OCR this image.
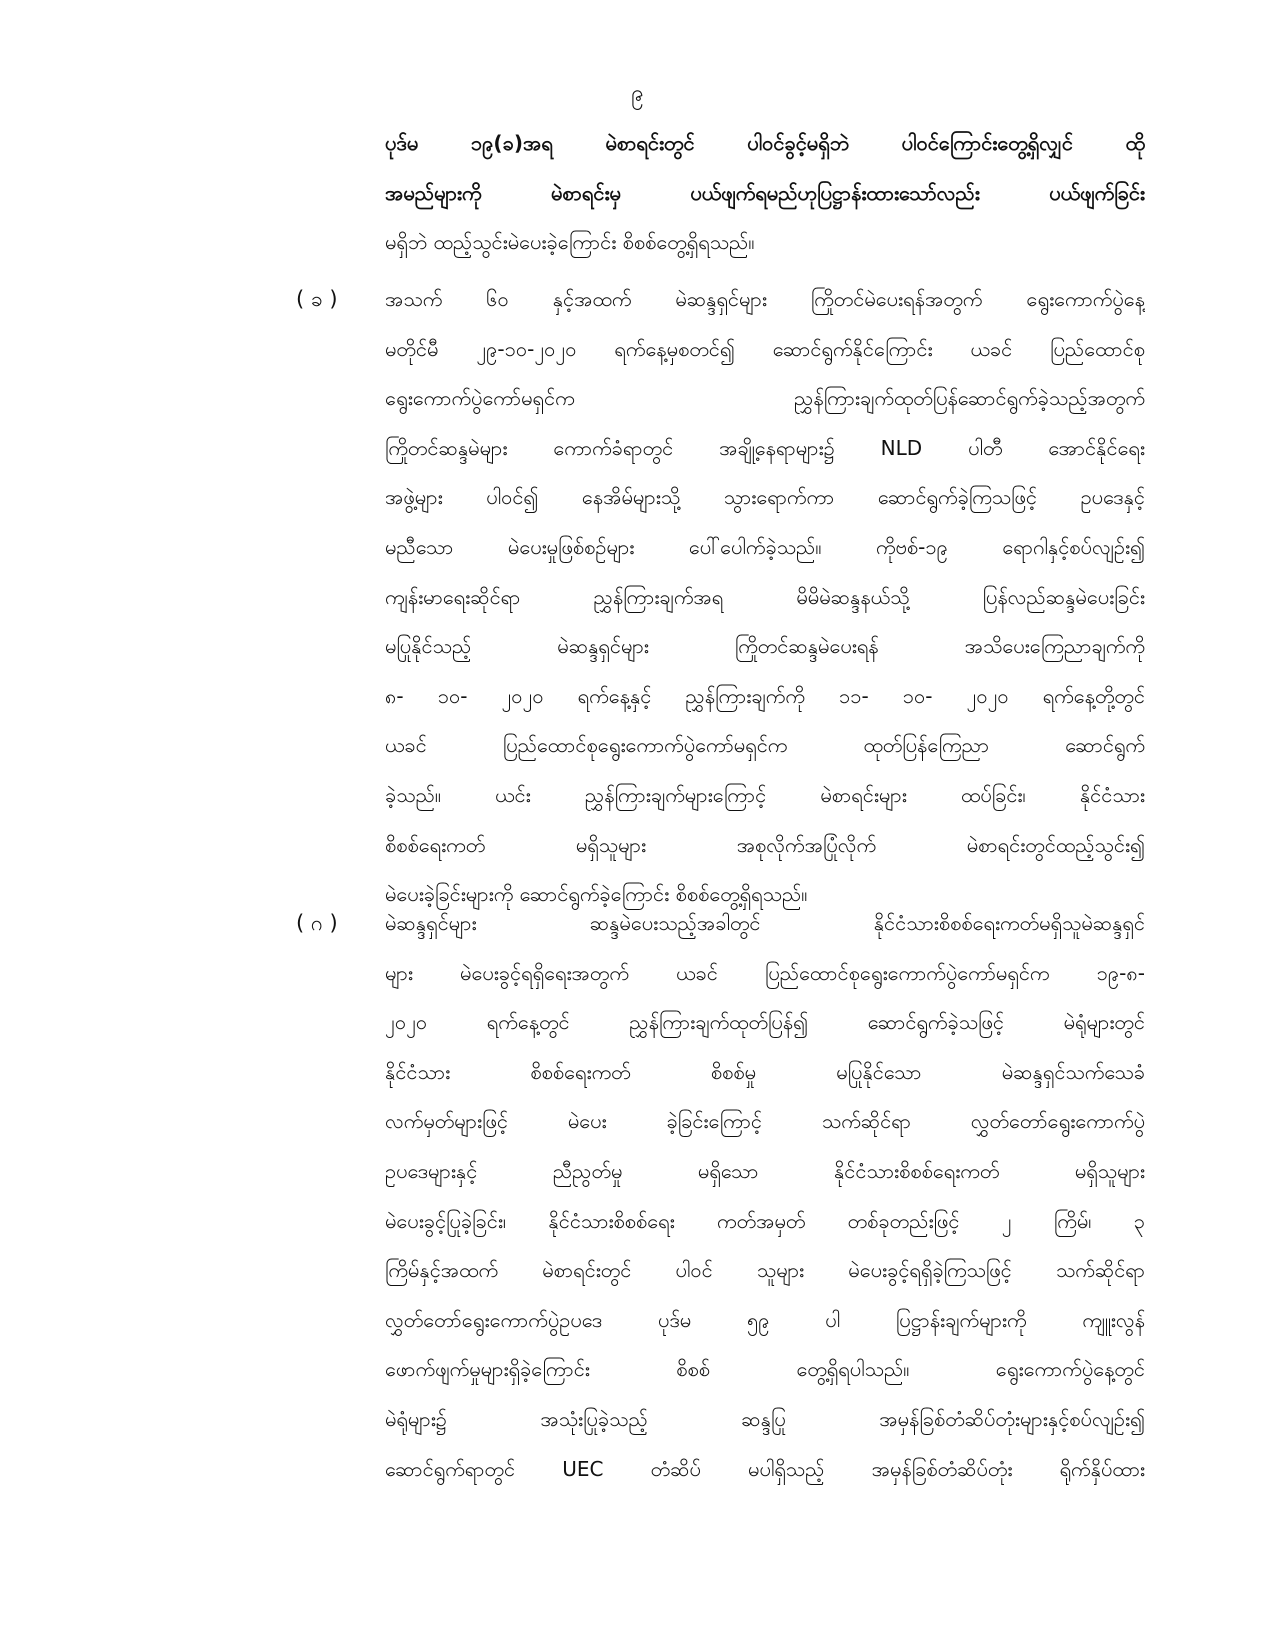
၉
ပုဒ်မ ၁၉(ခ)အရ မဲစာရင်းတွင် ပါဝင်ခွင့်မရှိဘဲ ပါဝင်ကြောင်းတွေ့ရှိလျှင် ထို
အမည်များကို မဲစာရင်းမှ ပယ်ဖျက်ရမည်ဟုပြဋ္ဌာန်းထားသော်လည်း ပယ်ဖျက်ခြင်း
မရှိဘဲ ထည့်သွင်းမဲပေးခဲ့ကြောင်း စိစစ်တွေ့ရှိရသည်။
( ခ ) အသက် ၆၀ နှင့်အထက် မဲဆန္ဒရှင်များ ကြိုတင်မဲပေးရန်အတွက် ရွေးကောက်ပွဲနေ့
မတိုင်မီ ၂၉-၁၀-၂၀၂၀ ရက်နေ့မှစတင်၍ ဆောင်ရွက်နိုင်ကြောင်း ယခင် ပြည်ထောင်စု
ရွေးကောက်ပွဲကော်မရှင်က ညွှန်ကြားချက်ထုတ်ပြန်ဆောင်ရွက်ခဲ့သည့်အတွက်
ကြိုတင်ဆန္ဒမဲများ ကောက်ခံရာတွင် အချို့နေရာများ၌ NLD ပါတီ အောင်နိုင်ရေး
အဖွဲ့များ ပါဝင်၍ နေအိမ်များသို့ သွားရောက်ကာ ဆောင်ရွက်ခဲ့ကြသဖြင့် ဥပဒေနှင့်
မညီသော မဲပေးမှုဖြစ်စဉ်များ ပေါ်ပေါက်ခဲ့သည်။ ကိုဗစ်-၁၉ ရောဂါနှင့်စပ်လျဉ်း၍
ကျန်းမာရေးဆိုင်ရာ ညွှန်ကြားချက်အရ မိမိမဲဆန္ဒနယ်သို့ ပြန်လည်ဆန္ဒမဲပေးခြင်း
မပြုနိုင်သည့် မဲဆန္ဒရှင်များ ကြိုတင်ဆန္ဒမဲပေးရန် အသိပေးကြေညာချက်ကို
၈- ၁၀- ၂၀၂၀ ရက်နေ့နှင့် ညွှန်ကြားချက်ကို ၁၁- ၁၀- ၂၀၂၀ ရက်နေ့တို့တွင်
ယခင် ပြည်ထောင်စုရွေးကောက်ပွဲကော်မရှင်က ထုတ်ပြန်ကြေညာ ဆောင်ရွက်
ခဲ့သည်။ ယင်း ညွှန်ကြားချက်များကြောင့် မဲစာရင်းများ ထပ်ခြင်း၊ နိုင်ငံသား
စိစစ်ရေးကတ် မရှိသူများ အစုလိုက်အပြုံလိုက် မဲစာရင်းတွင်ထည့်သွင်း၍
မဲပေးခဲ့ခြင်းများကို ဆောင်ရွက်ခဲ့ကြောင်း စိစစ်တွေ့ရှိရသည်။
( ဂ ) မဲဆန္ဒရှင်များ ဆန္ဒမဲပေးသည့်အခါတွင် နိုင်ငံသားစိစစ်ရေးကတ်မရှိသူမဲဆန္ဒရှင်
များ မဲပေးခွင့်ရရှိရေးအတွက် ယခင် ပြည်ထောင်စုရွေးကောက်ပွဲကော်မရှင်က ၁၉-၈-
၂၀၂၀ ရက်နေ့တွင် ညွှန်ကြားချက်ထုတ်ပြန်၍ ဆောင်ရွက်ခဲ့သဖြင့် မဲရုံများတွင်
နိုင်ငံသား စိစစ်ရေးကတ် စိစစ်မှု မပြုနိုင်သော မဲဆန္ဒရှင်သက်သေခံ
လက်မှတ်များဖြင့် မဲပေး ခဲ့ခြင်းကြောင့် သက်ဆိုင်ရာ လွှတ်တော်ရွေးကောက်ပွဲ
ဥပဒေများနှင့် ညီညွတ်မှု မရှိသော နိုင်ငံသားစိစစ်ရေးကတ် မရှိသူများ
မဲပေးခွင့်ပြုခဲ့ခြင်း၊ နိုင်ငံသားစိစစ်ရေး ကတ်အမှတ် တစ်ခုတည်းဖြင့် ၂ ကြိမ်၊ ၃
ကြိမ်နှင့်အထက် မဲစာရင်းတွင် ပါဝင် သူများ မဲပေးခွင့်ရရှိခဲ့ကြသဖြင့် သက်ဆိုင်ရာ
လွှတ်တော်ရွေးကောက်ပွဲဥပဒေ ပုဒ်မ ၅၉ ပါ ပြဋ္ဌာန်းချက်များကို ကျူးလွန်
ဖောက်ဖျက်မှုများရှိခဲ့ကြောင်း စိစစ် တွေ့ရှိရပါသည်။ ရွေးကောက်ပွဲနေ့တွင်
မဲရုံများ၌ အသုံးပြုခဲ့သည့် ဆန္ဒပြု အမှန်ခြစ်တံဆိပ်တုံးများနှင့်စပ်လျဉ်း၍
ဆောင်ရွက်ရာတွင် UEC တံဆိပ် မပါရှိသည့် အမှန်ခြစ်တံဆိပ်တုံး ရိုက်နှိပ်ထား
